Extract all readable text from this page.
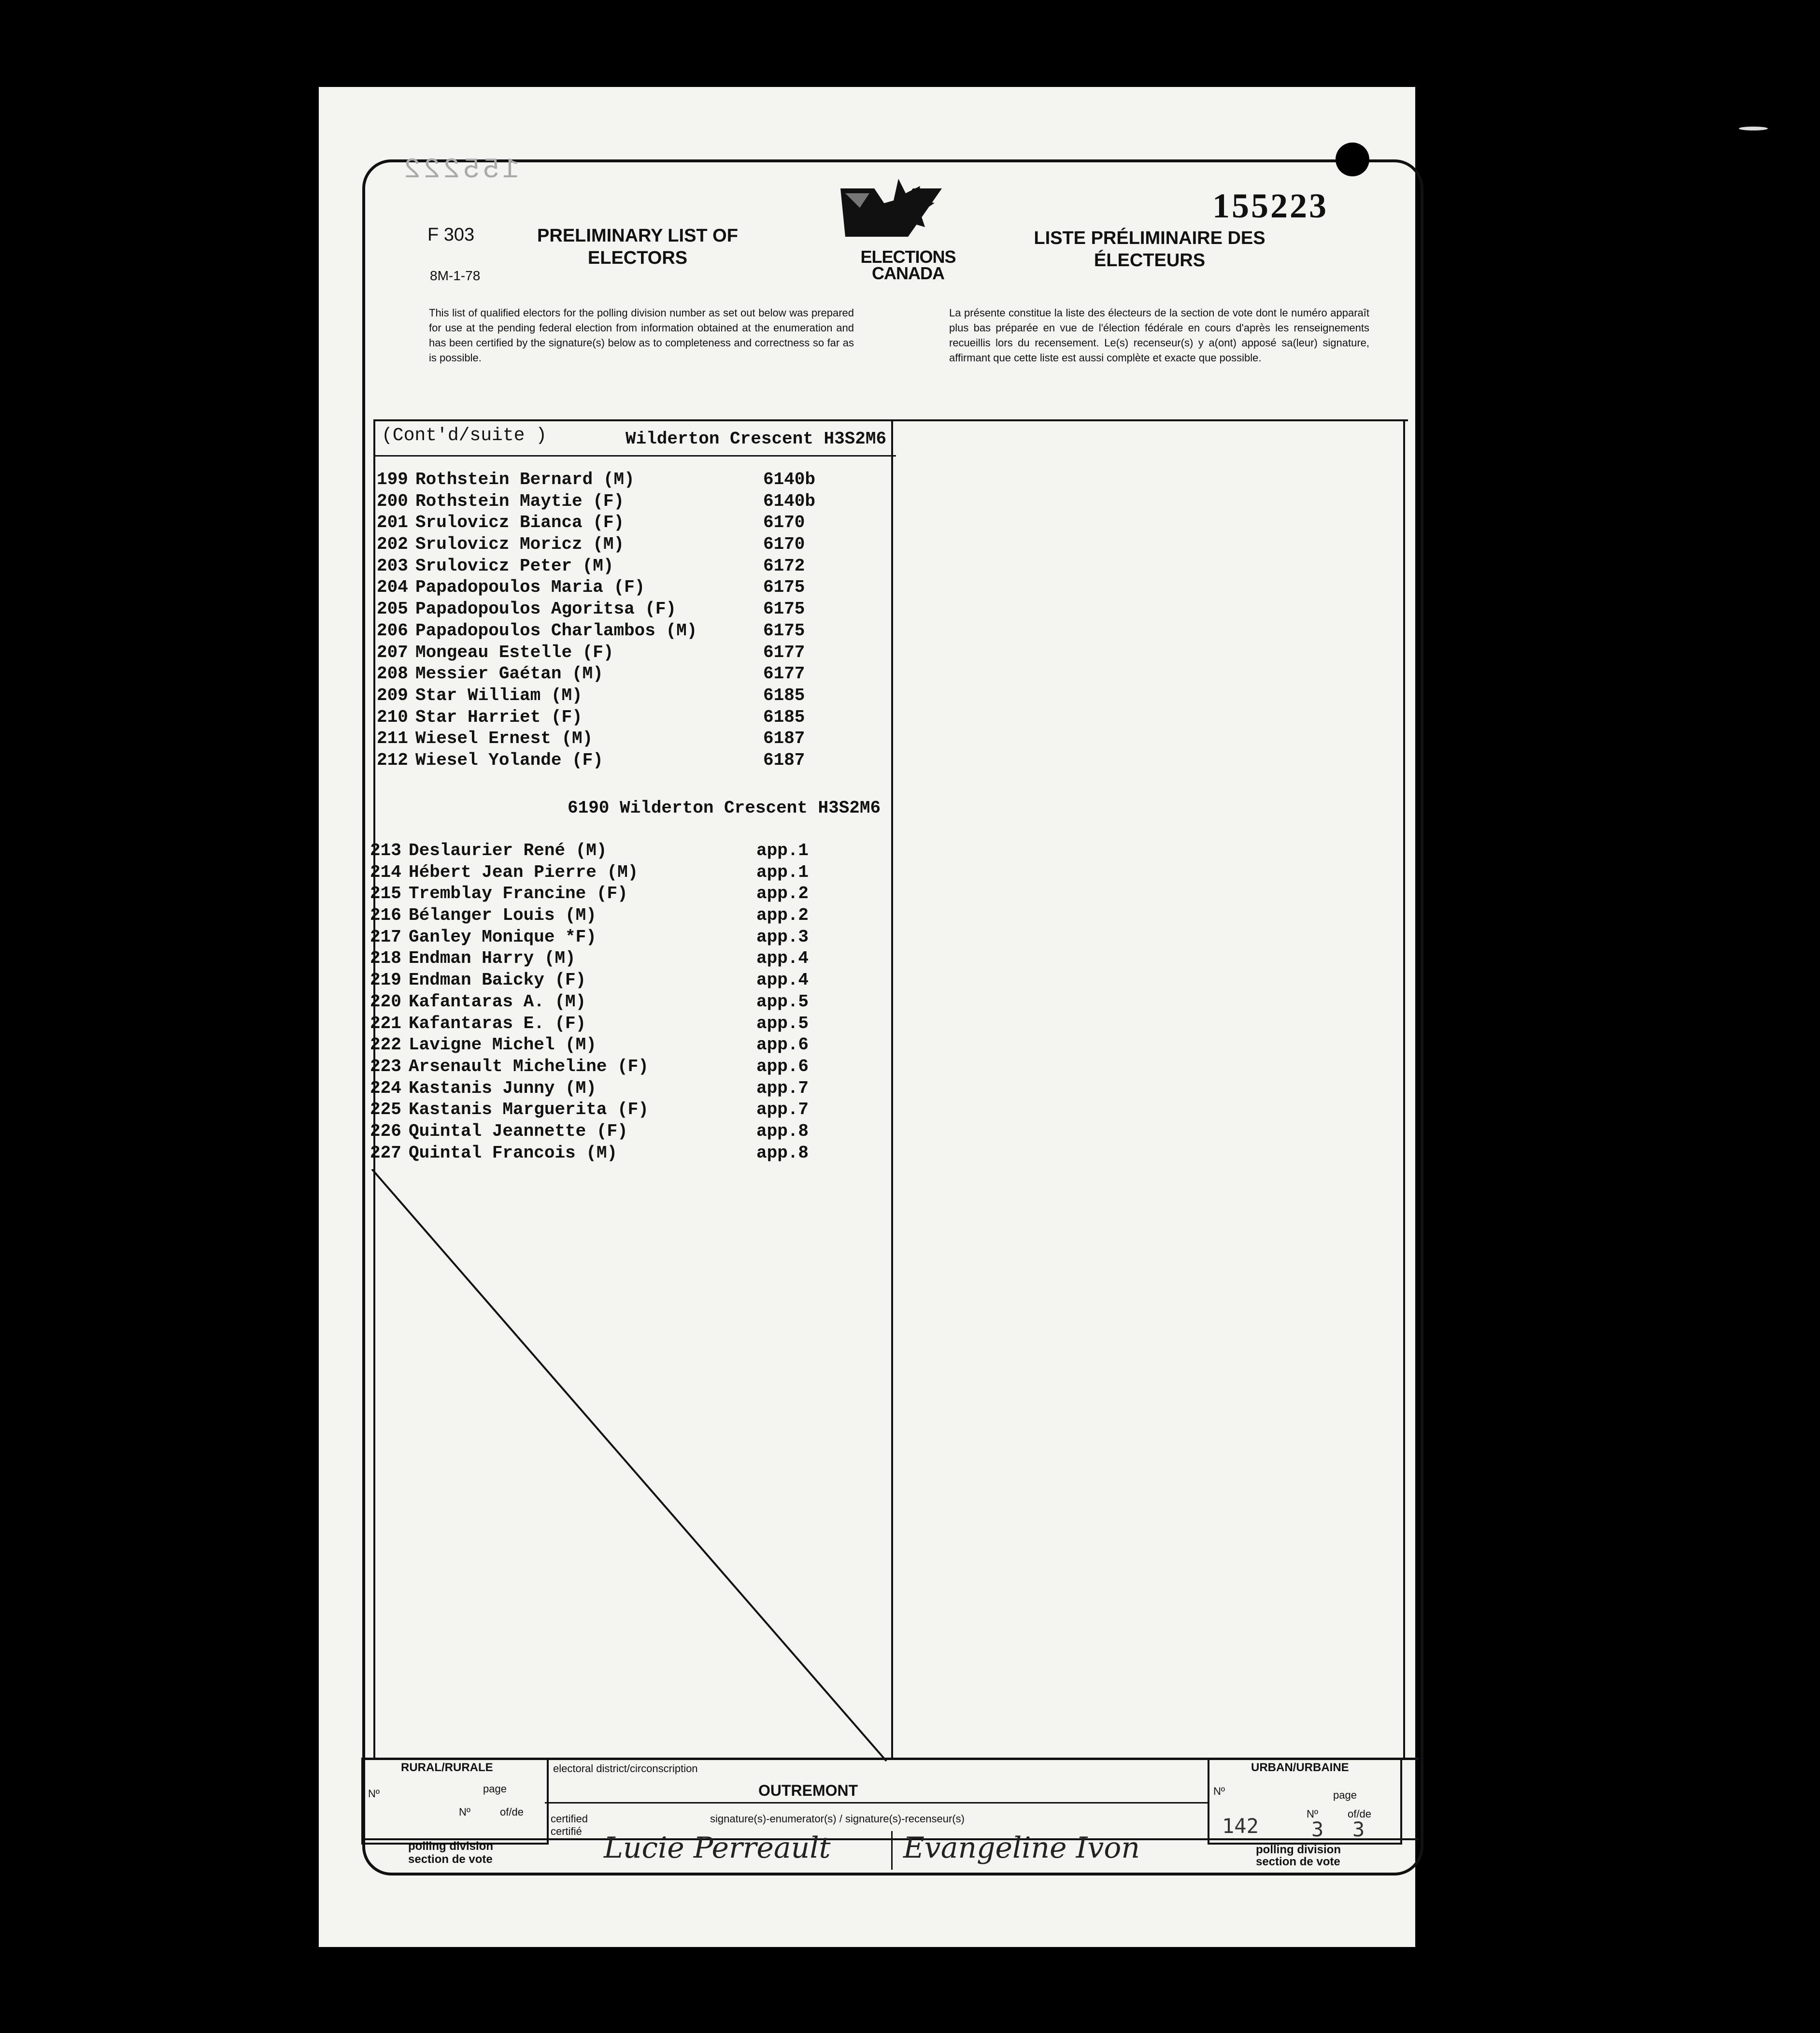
155222
155223
F 303
8M-1-78
PRELIMINARY LIST OF
ELECTORS
LISTE PRÉLIMINAIRE DES
ÉLECTEURS
ELECTIONS
CANADA
This list of qualified electors for the polling division number as set out below was prepared for use at the pending federal election from information obtained at the enumeration and has been certified by the signature(s) below as to completeness and correctness so far as is possible.
La présente constitue la liste des électeurs de la section de vote dont le numéro apparaît plus bas préparée en vue de l'élection fédérale en cours d'après les renseignements recueillis lors du recensement. Le(s) recenseur(s) y a(ont) apposé sa(leur) signature, affirmant que cette liste est aussi complète et exacte que possible.
(Cont'd/suite )	Wilderton Crescent H3S2M6
199 Rothstein Bernard (M)	6140b
200 Rothstein Maytie (F)	6140b
201 Srulovicz Bianca (F)	6170
202 Srulovicz Moricz (M)	6170
203 Srulovicz Peter (M)	6172
204 Papadopoulos Maria (F)	6175
205 Papadopoulos Agoritsa (F)	6175
206 Papadopoulos Charlambos (M)	6175
207 Mongeau Estelle (F)	6177
208 Messier Gaétan (M)	6177
209 Star William (M)	6185
210 Star Harriet (F)	6185
211 Wiesel Ernest (M)	6187
212 Wiesel Yolande (F)	6187
6190 Wilderton Crescent H3S2M6
213 Deslaurier René (M)	app.1
214 Hébert Jean Pierre (M)	app.1
215 Tremblay Francine (F)	app.2
216 Bélanger Louis (M)	app.2
217 Ganley Monique *F)	app.3
218 Endman Harry (M)	app.4
219 Endman Baicky (F)	app.4
220 Kafantaras A. (M)	app.5
221 Kafantaras E. (F)	app.5
222 Lavigne Michel (M)	app.6
223 Arsenault Micheline (F)	app.6
224 Kastanis Junny (M)	app.7
225 Kastanis Marguerita (F)	app.7
226 Quintal Jeannette (F)	app.8
227 Quintal Francois (M)	app.8
RURAL/RURALE	URBAN/URBAINE
Nº	page
Nº	of/de
polling division
section de vote
electoral district/circonscription
OUTREMONT
certified
certifié
signature(s)-enumerator(s) / signature(s)-recenseur(s)
Lucie Perreault	Evangeline Ivon
Nº	page
Nº	of/de
142	3 3
polling division
section de vote
